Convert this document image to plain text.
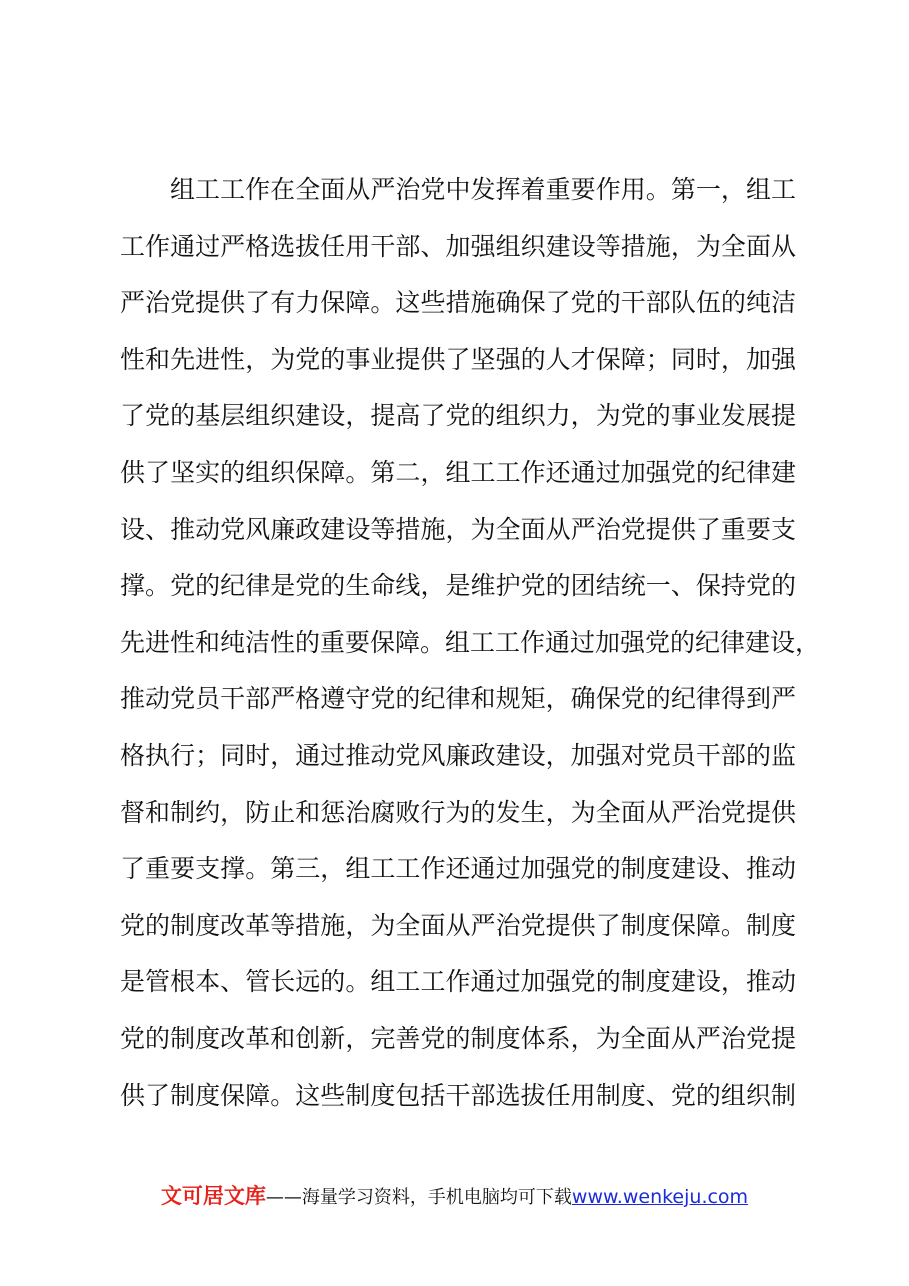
组工工作在全面从严治党中发挥着重要作用。第一，组工
工作通过严格选拔任用干部、加强组织建设等措施，为全面从
严治党提供了有力保障。这些措施确保了党的干部队伍的纯洁
性和先进性，为党的事业提供了坚强的人才保障；同时，加强
了党的基层组织建设，提高了党的组织力，为党的事业发展提
供了坚实的组织保障。第二，组工工作还通过加强党的纪律建
设、推动党风廉政建设等措施，为全面从严治党提供了重要支
撑。党的纪律是党的生命线，是维护党的团结统一、保持党的
先进性和纯洁性的重要保障。组工工作通过加强党的纪律建设，
推动党员干部严格遵守党的纪律和规矩，确保党的纪律得到严
格执行；同时，通过推动党风廉政建设，加强对党员干部的监
督和制约，防止和惩治腐败行为的发生，为全面从严治党提供
了重要支撑。第三，组工工作还通过加强党的制度建设、推动
党的制度改革等措施，为全面从严治党提供了制度保障。制度
是管根本、管长远的。组工工作通过加强党的制度建设，推动
党的制度改革和创新，完善党的制度体系，为全面从严治党提
供了制度保障。这些制度包括干部选拔任用制度、党的组织制
文可居文库——海量学习资料，手机电脑均可下载www.wenkeju.com
